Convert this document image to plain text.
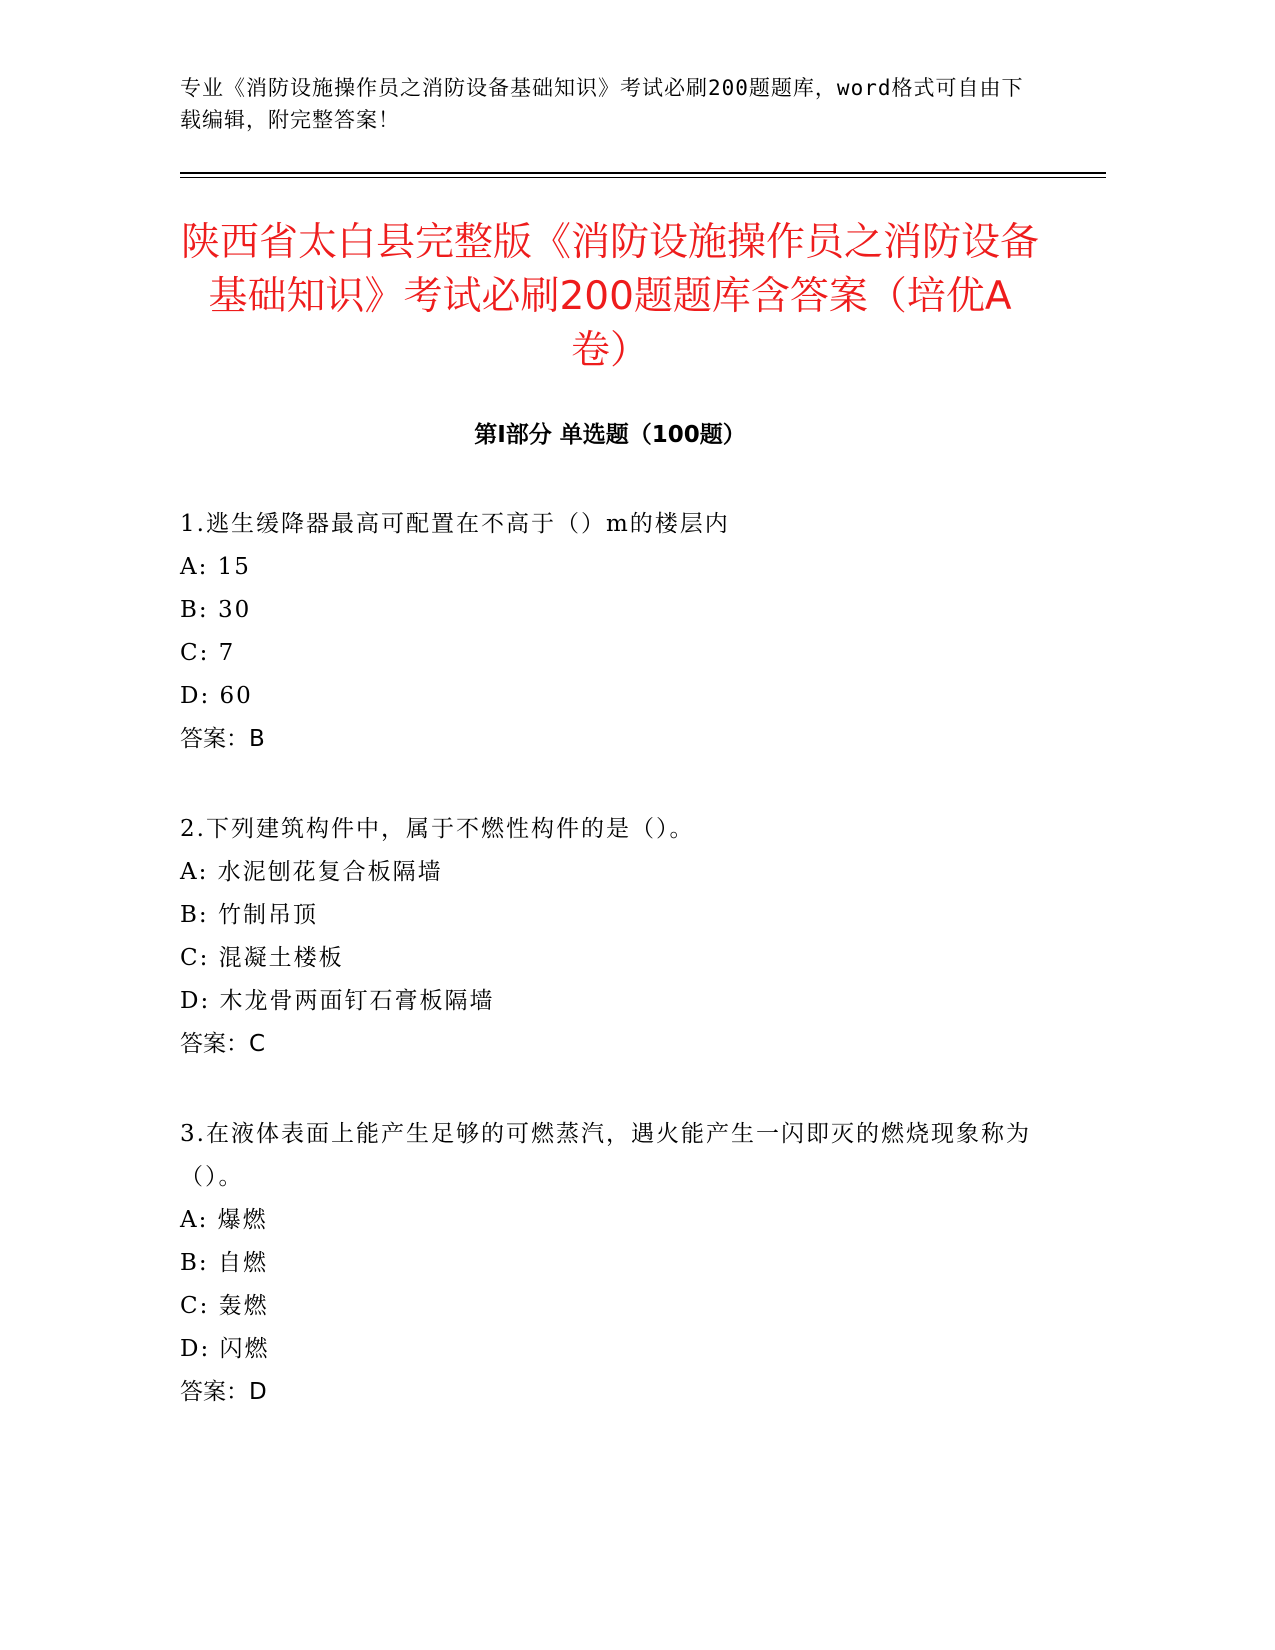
专业《消防设施操作员之消防设备基础知识》考试必刷200题题库，word格式可自由下载编辑，附完整答案！
陕西省太白县完整版《消防设施操作员之消防设备基础知识》考试必刷200题题库含答案（培优A卷）
第Ⅰ部分 单选题（100题）

1.逃生缓降器最高可配置在不高于（）m的楼层内

A: 15

B: 30

C: 7

D: 60

答案：B

2.下列建筑构件中，属于不燃性构件的是（）。

A: 水泥刨花复合板隔墙

B: 竹制吊顶

C: 混凝土楼板

D: 木龙骨两面钉石膏板隔墙

答案：C

3.在液体表面上能产生足够的可燃蒸汽，遇火能产生一闪即灭的燃烧现象称为（）。

A: 爆燃

B: 自燃

C: 轰燃

D: 闪燃

答案：D
